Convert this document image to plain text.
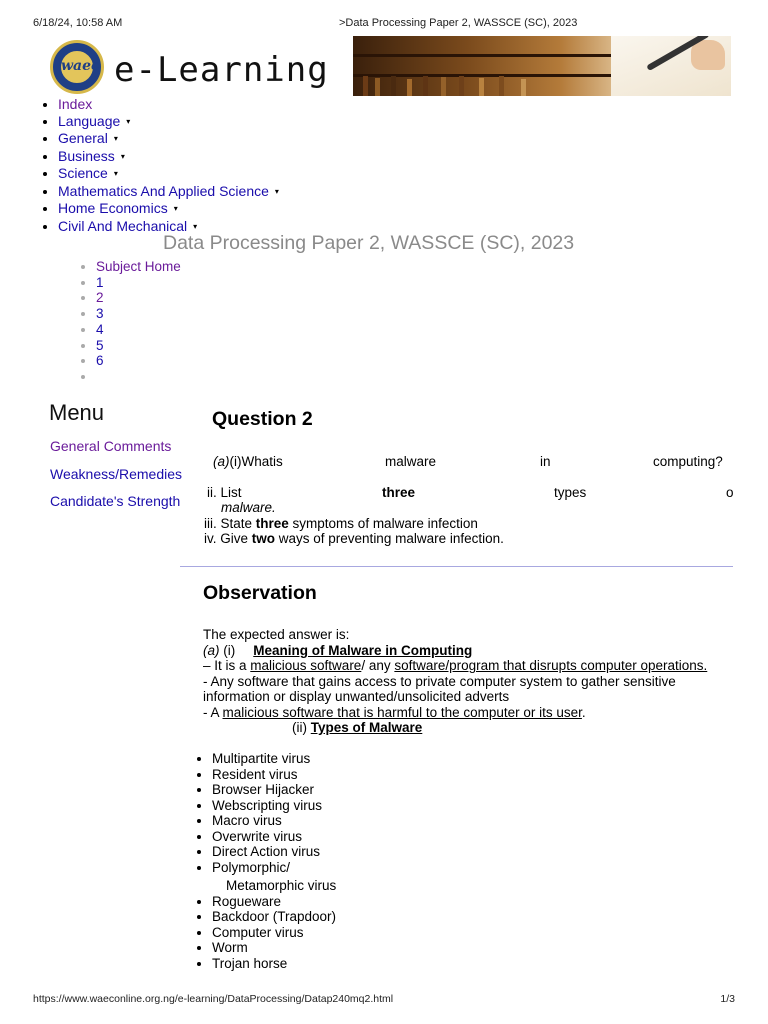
6/18/24, 10:58 AM	>Data Processing Paper 2, WASSCE (SC), 2023
waec e-Learning
• Index
• Language ▾
• General ▾
• Business ▾
• Science ▾
• Mathematics And Applied Science ▾
• Home Economics ▾
• Civil And Mechanical ▾
Data Processing Paper 2, WASSCE (SC), 2023
• Subject Home
• 1
• 2
• 3
• 4
• 5
• 6
•
Menu
General Comments
Weakness/Remedies
Candidate's Strength
Question 2
(a)(i)Whatis	malware	in	computing?
ii. List	three	types	o
malware.
iii. State three symptoms of malware infection
iv. Give two ways of preventing malware infection.
Observation
The expected answer is:
(a) (i) Meaning of Malware in Computing
– It is a malicious software/ any software/program that disrupts computer operations.
- Any software that gains access to private computer system to gather sensitive
information or display unwanted/unsolicited adverts
- A malicious software that is harmful to the computer or its user.
(ii) Types of Malware
• Multipartite virus
• Resident virus
• Browser Hijacker
• Webscripting virus
• Macro virus
• Overwrite virus
• Direct Action virus
• Polymorphic/
Metamorphic virus
• Rogueware
• Backdoor (Trapdoor)
• Computer virus
• Worm
• Trojan horse
https://www.waeconline.org.ng/e-learning/DataProcessing/Datap240mq2.html	1/3
